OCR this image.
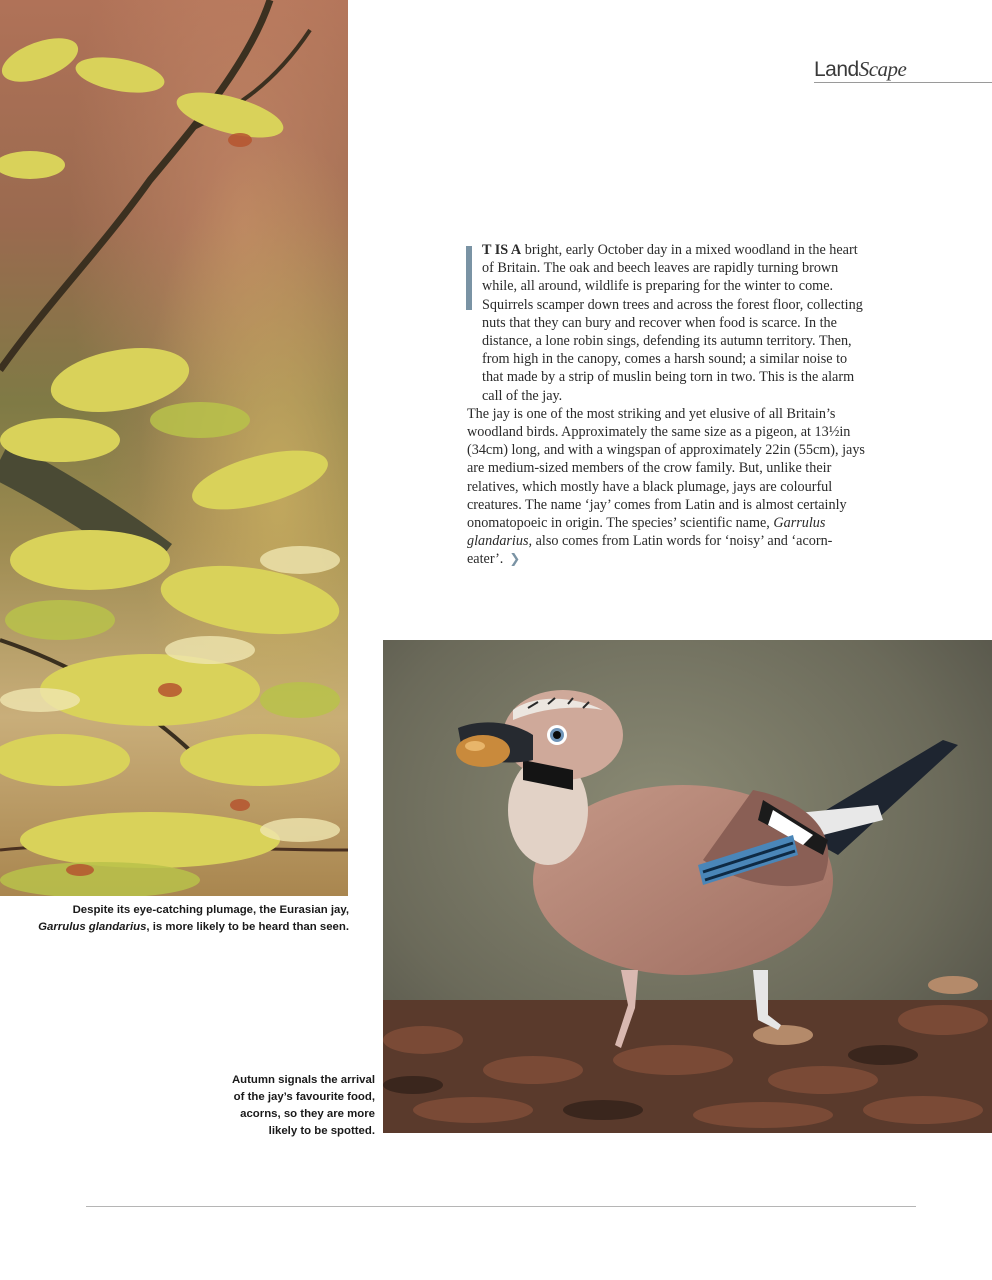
LandScape
Despite its eye-catching plumage, the Eurasian jay,
Garrulus glandarius, is more likely to be heard than seen.

T IS A bright, early October day in a mixed woodland in the heart of Britain. The oak and beech leaves are rapidly turning brown while, all around, wildlife is preparing for the winter to come. Squirrels scamper down trees and across the forest floor, collecting nuts that they can bury and recover when food is scarce. In the distance, a lone robin sings, defending its autumn territory. Then, from high in the canopy, comes a harsh sound; a similar noise to that made by a strip of muslin being torn in two. This is the alarm call of the jay.

The jay is one of the most striking and yet elusive of all Britain’s woodland birds. Approximately the same size as a pigeon, at 13½in (34cm) long, and with a wingspan of approximately 22in (55cm), jays are medium-sized members of the crow family. But, unlike their relatives, which mostly have a black plumage, jays are colourful creatures. The name ‘jay’ comes from Latin and is almost certainly onomatopoeic in origin. The species’ scientific name, Garrulus glandarius, also comes from Latin words for ‘noisy’ and ‘acorn-eater’. ❯

Autumn signals the arrival of the jay’s favourite food, acorns, so they are more likely to be spotted.
